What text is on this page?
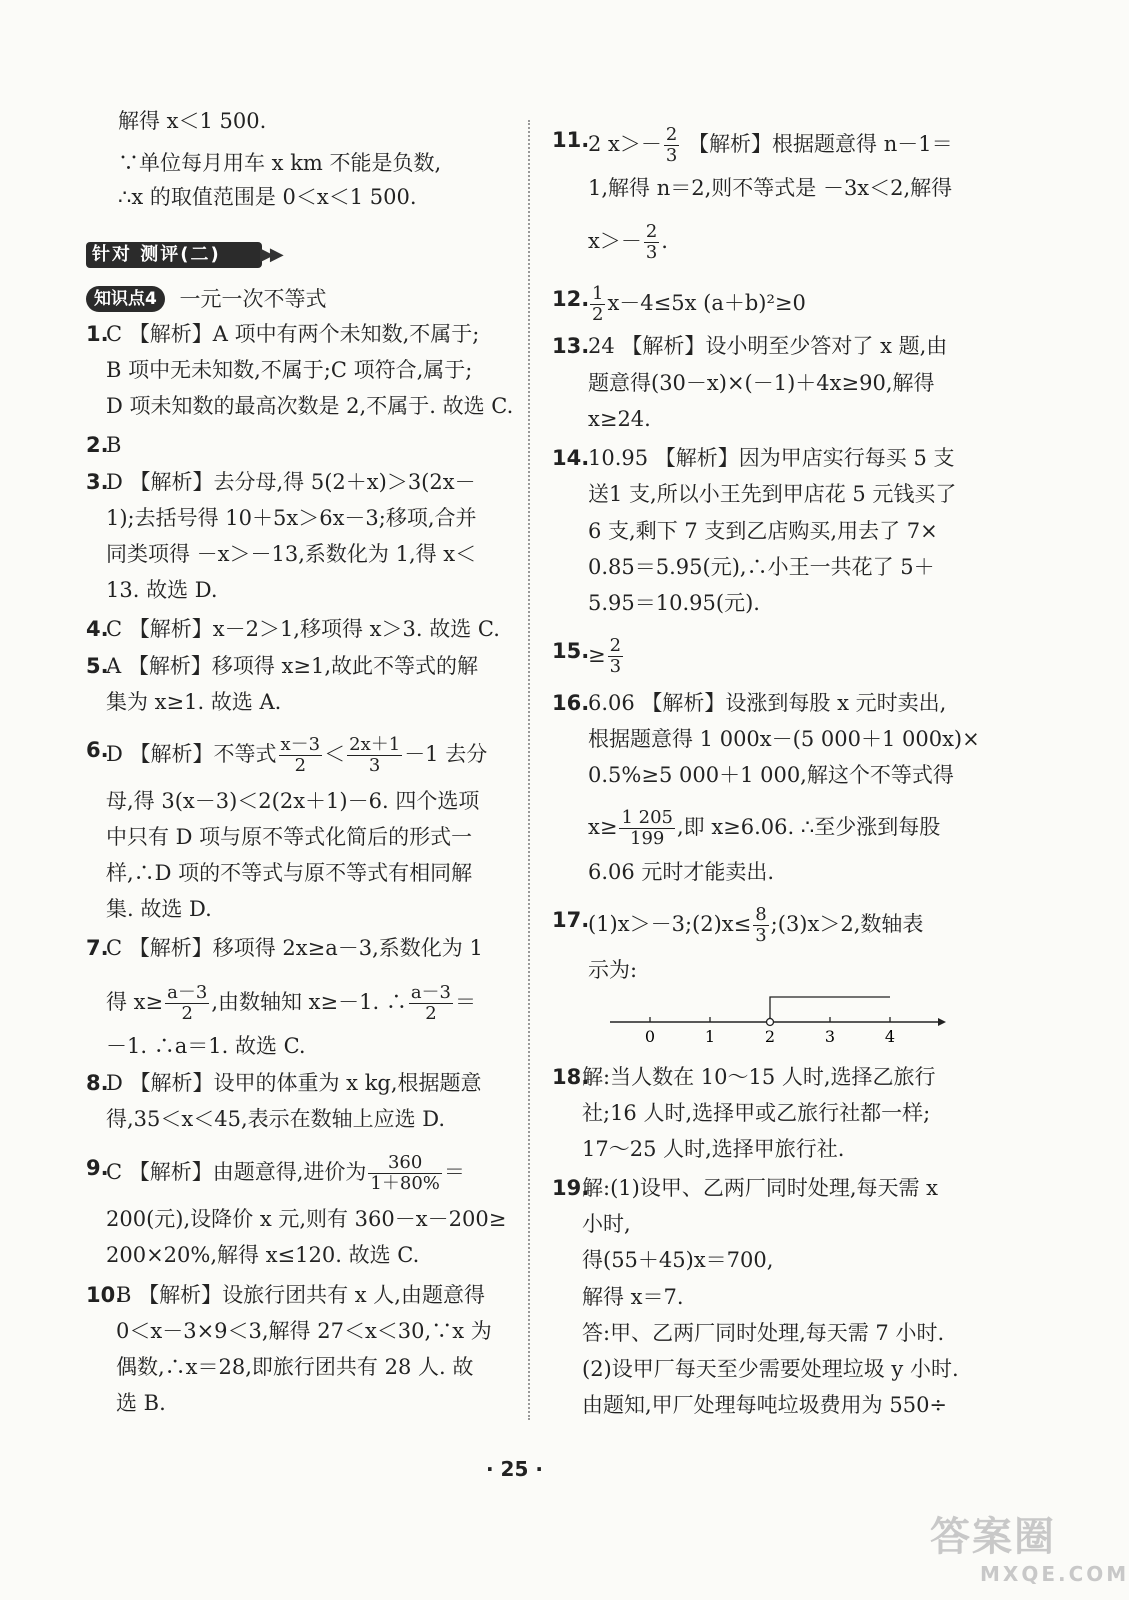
解得 x＜1 500.
∵单位每月用车 x km 不能是负数,
∴x 的取值范围是 0＜x＜1 500.
针对 测评(二)	▶▶
知识点4 一元一次不等式
1.
C 【解析】A 项中有两个未知数,不属于;
B 项中无未知数,不属于;C 项符合,属于;
D 项未知数的最高次数是 2,不属于. 故选 C.
2.
B
3.
D 【解析】去分母,得 5(2＋x)＞3(2x－
1);去括号得 10＋5x＞6x－3;移项,合并
同类项得 －x＞－13,系数化为 1,得 x＜
13. 故选 D.
4.
C 【解析】x－2＞1,移项得 x＞3. 故选 C.
5.
A 【解析】移项得 x≥1,故此不等式的解
集为 x≥1. 故选 A.
6.
D 【解析】不等式 $\frac{x-3}{2} < \frac{2x+1}{3} -1$ 去分
母,得 3(x－3)＜2(2x＋1)－6. 四个选项
中只有 D 项与原不等式化简后的形式一
样,∴D 项的不等式与原不等式有相同解
集. 故选 D.
7.
C 【解析】移项得 2x≥a－3,系数化为 1
得 $x\ge \frac{a-3}{2}$ ,由数轴知 x≥－1. ∴ $\frac{a-3}{2}$ ＝
－1. ∴a＝1. 故选 C.
8.
D 【解析】设甲的体重为 x kg,根据题意
得,35＜x＜45,表示在数轴上应选 D.
9.
C 【解析】由题意得,进价为 $\frac{360}{1+80\%}$ ＝
200(元),设降价 x 元,则有 360－x－200≥
200×20%,解得 x≤120. 故选 C.
10.
B 【解析】设旅行团共有 x 人,由题意得
0＜x－3×9＜3,解得 27＜x＜30,∵x 为
偶数,∴x＝28,即旅行团共有 28 人. 故
选 B.
11.
2 $x>- \frac{2}{3}$ 【解析】根据题意得 n－1＝
1,解得 n＝2,则不等式是 －3x＜2,解得
$x>- \frac{2}{3}$ .
12. $\frac{1}{2} x-4\le 5x$ (a＋b)²≥0
13.
24 【解析】设小明至少答对了 x 题,由
题意得(30－x)×(－1)＋4x≥90,解得
x≥24.
14.
10.95 【解析】因为甲店实行每买 5 支
送1 支,所以小王先到甲店花 5 元钱买了
6 支,剩下 7 支到乙店购买,用去了 7×
0.85＝5.95(元),∴小王一共花了 5＋
5.95＝10.95(元).
15.
≥ $\frac{2}{3}$
16.
6.06 【解析】设涨到每股 x 元时卖出,
根据题意得 1 000x－(5 000＋1 000x)×
0.5%≥5 000＋1 000,解这个不等式得
$x\ge \frac{1 205}{199}$ ,即 x≥6.06. ∴至少涨到每股
6.06 元时才能卖出.
17.
(1)x＞－3;(2)x≤ $\frac{8}{3}$ ;(3)x＞2,数轴表
示为:
0	1	2	3	4
18.
解:当人数在 10～15 人时,选择乙旅行
社;16 人时,选择甲或乙旅行社都一样;
17～25 人时,选择甲旅行社.
19.
解:(1)设甲、乙两厂同时处理,每天需 x
小时,
得(55＋45)x＝700,
解得 x＝7.
答:甲、乙两厂同时处理,每天需 7 小时.
(2)设甲厂每天至少需要处理垃圾 y 小时.
由题知,甲厂处理每吨垃圾费用为 550÷
· 25 ·
答案圈
MXQE.COM
